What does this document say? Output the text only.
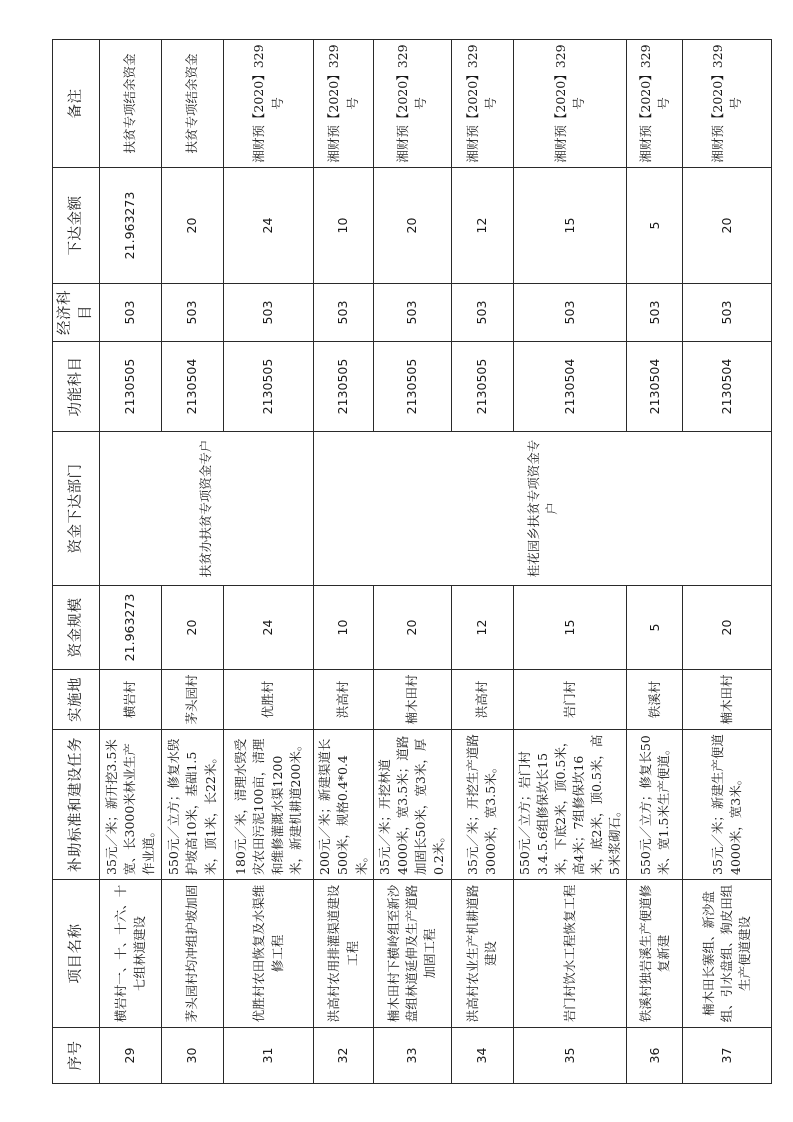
序号	项目名称	补助标准和建设任务	实施地	资金规模	资金下达部门	功能科目	经济科目	下达金额	备注
29	横岩村一、十、十六、十七组林道建设	35元／米；新开挖3.5米宽、长3000米林业生产作业道。	横岩村	21.963273	扶贫办扶贫专项资金专户	2130505	503	21.963273	扶贫专项结余资金
30	茅头园村均冲组护坡加固	550元／立方；修复水毁护坡高10米，基础1.5米，顶1米，长22米。	茅头园村	20		2130504	503	20	扶贫专项结余资金
31	优胜村农田恢复及水渠维修工程	180元／米，清理水毁受灾农田污泥100亩，清理和维修灌溉水渠1200米，新建机耕道200米。	优胜村	24		2130505	503	24	湘财预【2020】329号
32	洪高村农用排灌渠道建设工程	200元／米；新建渠道长500米，规格0.4*0.4米。	洪高村	10	桂花园乡扶贫专项资金专户	2130505	503	10	湘财预【2020】329号
33	楠木田村下横岭组至新沙盘组林道延伸及生产道路加固工程	35元／米；开挖林道4000米，宽3.5米；道路加固长50米，宽3米，厚0.2米。	楠木田村	20		2130505	503	20	湘财预【2020】329号
34	洪高村农业生产机耕道路建设	35元／米；开挖生产道路3000米，宽3.5米。	洪高村	12		2130505	503	12	湘财预【2020】329号
35	岩门村饮水工程恢复工程	550元／立方；岩门村3.4.5.6组修保坎长15米，下底2米，顶0.5米，高4米；7组修保坎16米，底2米，顶0.5米，高5米浆砌石。	岩门村	15		2130504	503	15	湘财预【2020】329号
36	铁溪村独岩溪生产便道修复新建	550元／立方；修复长50米、宽1.5米生产便道。	铁溪村	5		2130504	503	5	湘财预【2020】329号
37	楠木田长寨组、新沙盘组、引水盘组、狗皮田组生产便道建设	35元／米；新建生产便道4000米，宽3米。	楠木田村	20		2130504	503	20	湘财预【2020】329号
